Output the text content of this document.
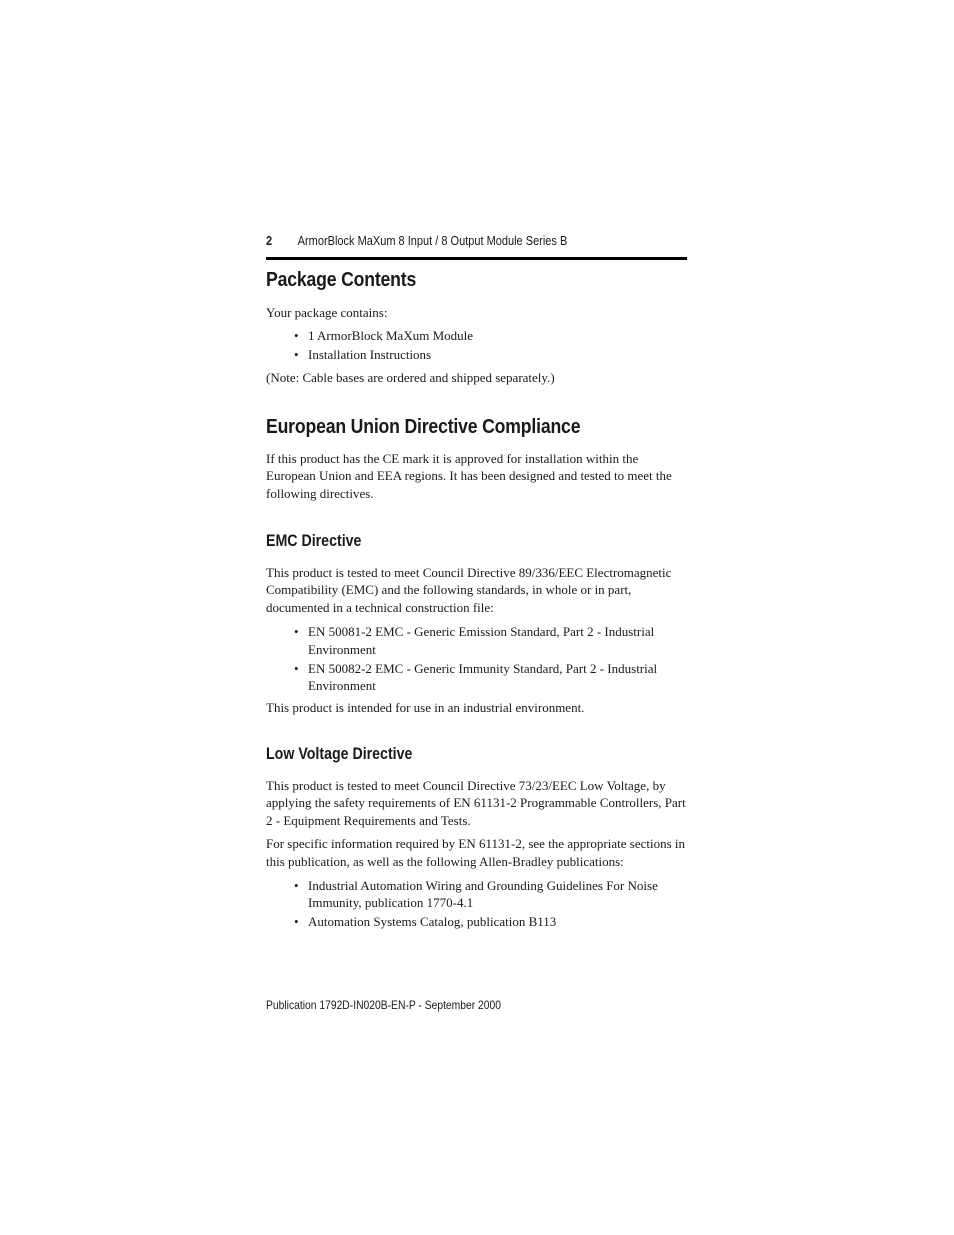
2	ArmorBlock MaXum 8 Input / 8 Output Module Series B
Package Contents

Your package contains:

• 1 ArmorBlock MaXum Module
• Installation Instructions

(Note: Cable bases are ordered and shipped separately.)

European Union Directive Compliance

If this product has the CE mark it is approved for installation within the European Union and EEA regions. It has been designed and tested to meet the following directives.

EMC Directive

This product is tested to meet Council Directive 89/336/EEC Electromagnetic Compatibility (EMC) and the following standards, in whole or in part, documented in a technical construction file:

• EN 50081-2 EMC - Generic Emission Standard, Part 2 - Industrial Environment
• EN 50082-2 EMC - Generic Immunity Standard, Part 2 - Industrial Environment

This product is intended for use in an industrial environment.

Low Voltage Directive

This product is tested to meet Council Directive 73/23/EEC Low Voltage, by applying the safety requirements of EN 61131-2 Programmable Controllers, Part 2 - Equipment Requirements and Tests.

For specific information required by EN 61131-2, see the appropriate sections in this publication, as well as the following Allen-Bradley publications:

• Industrial Automation Wiring and Grounding Guidelines For Noise Immunity, publication 1770-4.1
• Automation Systems Catalog, publication B113
Publication 1792D-IN020B-EN-P - September 2000
